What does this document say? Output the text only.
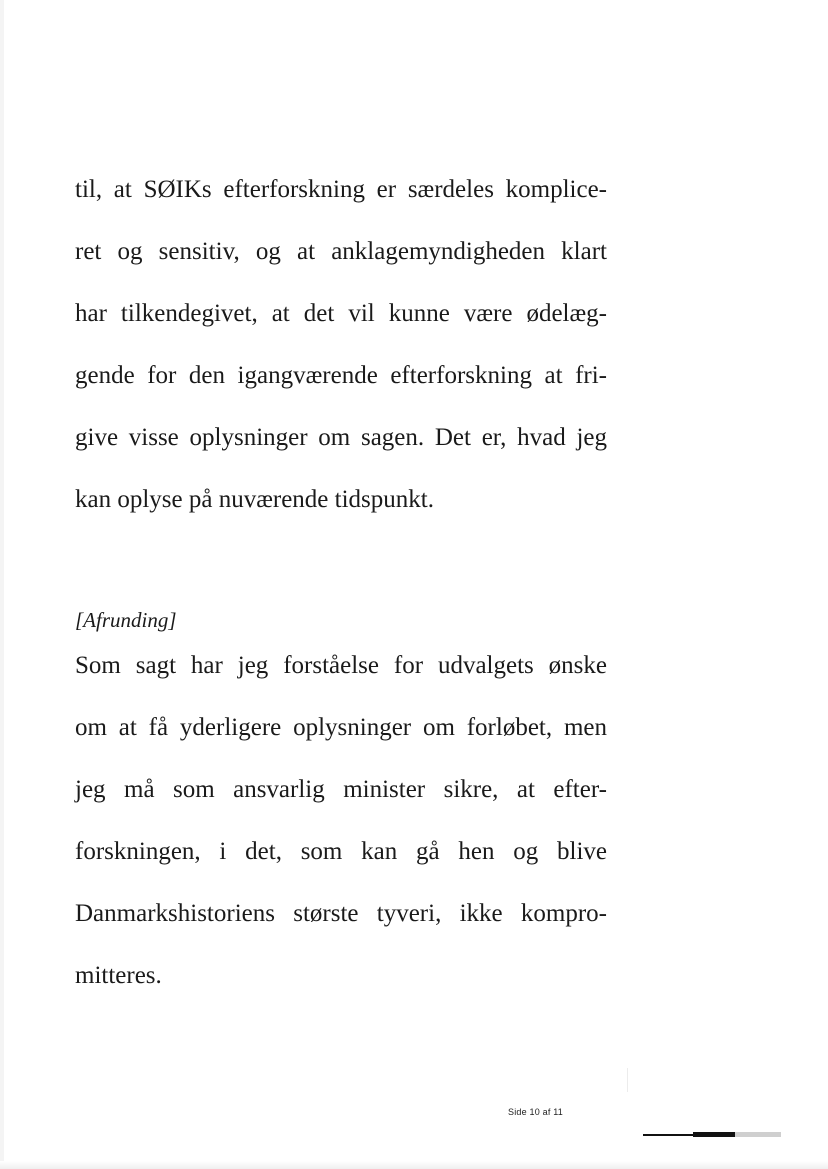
til, at SØIKs efterforskning er særdeles komplice-
ret og sensitiv, og at anklagemyndigheden klart
har tilkendegivet, at det vil kunne være ødelæg-
gende for den igangværende efterforskning at fri-
give visse oplysninger om sagen. Det er, hvad jeg
kan oplyse på nuværende tidspunkt.

[Afrunding]

Som sagt har jeg forståelse for udvalgets ønske
om at få yderligere oplysninger om forløbet, men
jeg må som ansvarlig minister sikre, at efter-
forskningen, i det, som kan gå hen og blive
Danmarkshistoriens største tyveri, ikke kompro-
mitteres.
Side 10 af 11
